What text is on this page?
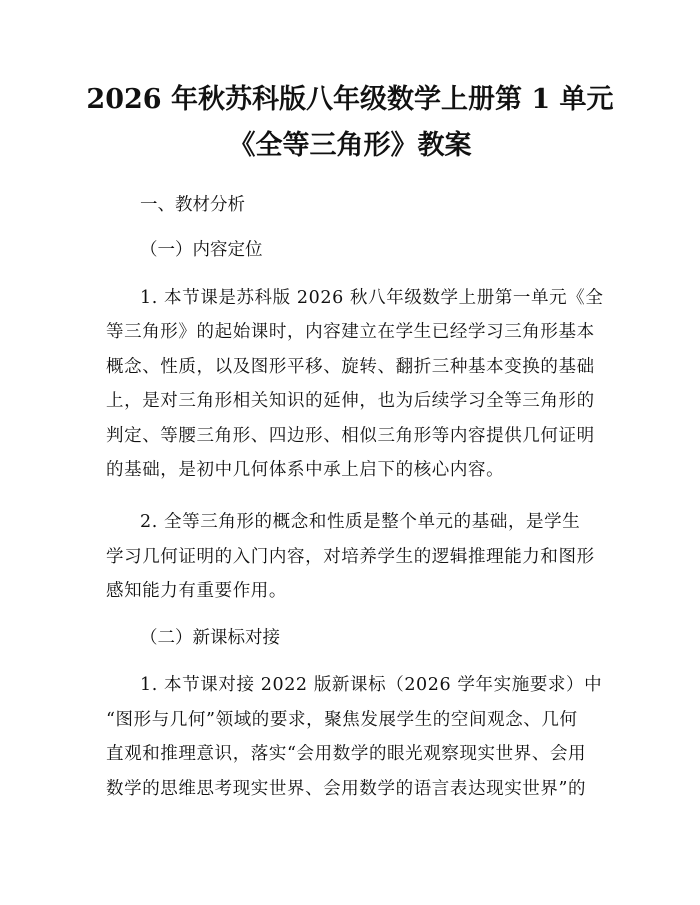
2026 年秋苏科版八年级数学上册第 1 单元
《全等三角形》教案
一、教材分析
（一）内容定位
1. 本节课是苏科版 2026 秋八年级数学上册第一单元《全
等三角形》的起始课时，内容建立在学生已经学习三角形基本
概念、性质，以及图形平移、旋转、翻折三种基本变换的基础
上，是对三角形相关知识的延伸，也为后续学习全等三角形的
判定、等腰三角形、四边形、相似三角形等内容提供几何证明
的基础，是初中几何体系中承上启下的核心内容。
2. 全等三角形的概念和性质是整个单元的基础，是学生
学习几何证明的入门内容，对培养学生的逻辑推理能力和图形
感知能力有重要作用。
（二）新课标对接
1. 本节课对接 2022 版新课标（2026 学年实施要求）中
“图形与几何”领域的要求，聚焦发展学生的空间观念、几何
直观和推理意识，落实“会用数学的眼光观察现实世界、会用
数学的思维思考现实世界、会用数学的语言表达现实世界”的
